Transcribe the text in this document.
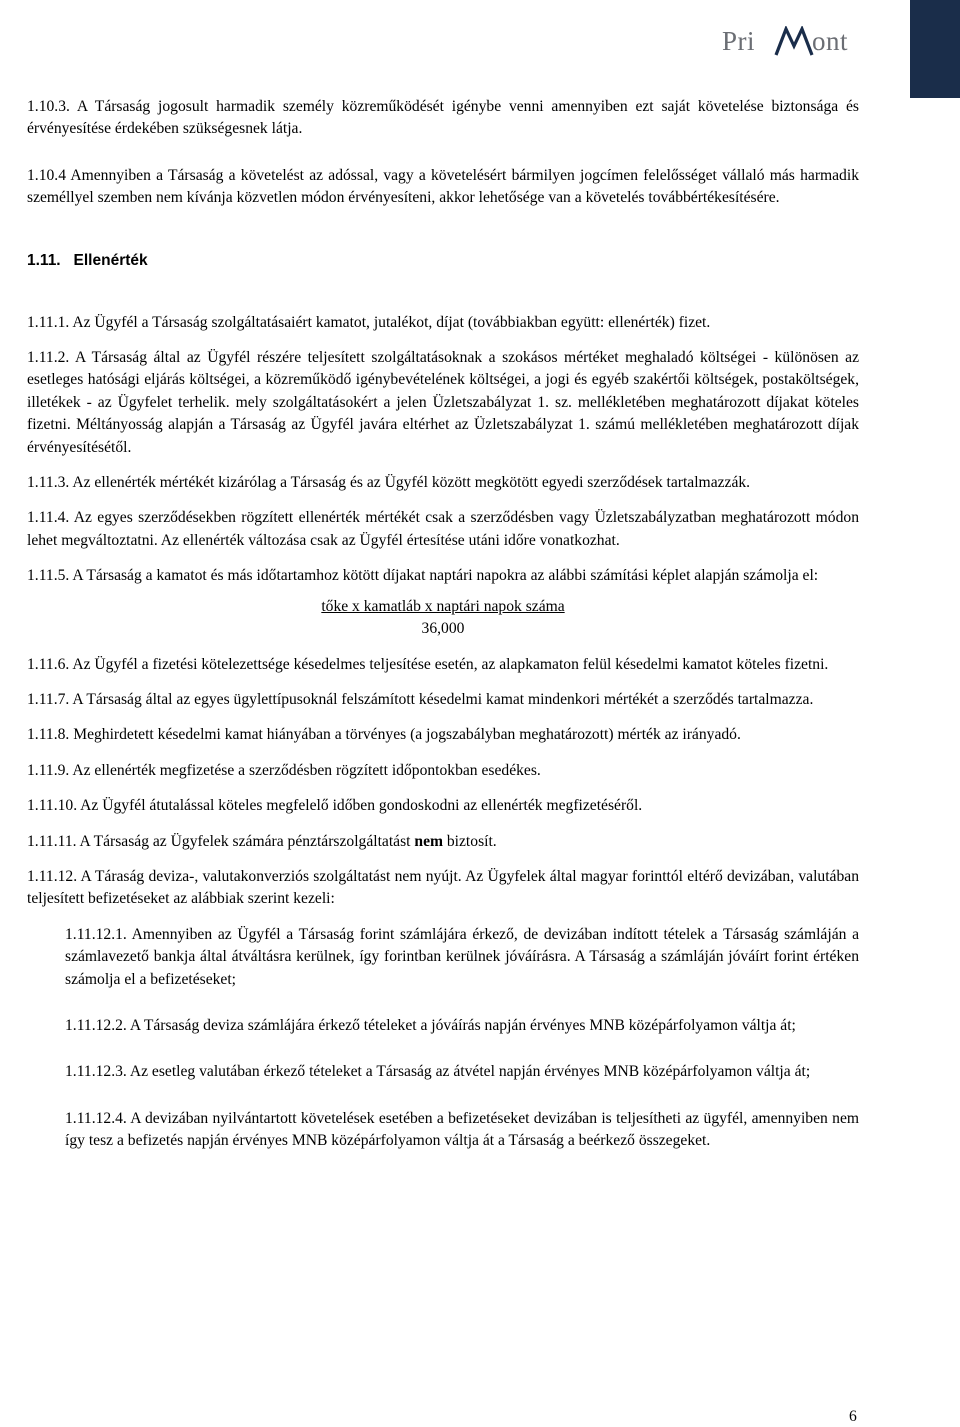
Pri ont

1.10.3. A Társaság jogosult harmadik személy közreműködését igénybe venni amennyiben ezt saját követelése biztonsága és érvényesítése érdekében szükségesnek látja.

1.10.4 Amennyiben a Társaság a követelést az adóssal, vagy a követelésért bármilyen jogcímen felelősséget vállaló más harmadik személlyel szemben nem kívánja közvetlen módon érvényesíteni, akkor lehetősége van a követelés továbbértékesítésére.

1.11.   Ellenérték

1.11.1. Az Ügyfél a Társaság szolgáltatásaiért kamatot, jutalékot, díjat (továbbiakban együtt: ellenérték) fizet.

1.11.2. A Társaság által az Ügyfél részére teljesített szolgáltatásoknak a szokásos mértéket meghaladó költségei - különösen az esetleges hatósági eljárás költségei, a közreműködő igénybevételének költségei, a jogi és egyéb szakértői költségek, postaköltségek, illetékek - az Ügyfelet terhelik. mely szolgáltatásokért a jelen Üzletszabályzat 1. sz. mellékletében meghatározott díjakat köteles fizetni. Méltányosság alapján a Társaság az Ügyfél javára eltérhet az Üzletszabályzat 1. számú mellékletében meghatározott díjak érvényesítésétől.

1.11.3. Az ellenérték mértékét kizárólag a Társaság és az Ügyfél között megkötött egyedi szerződések tartalmazzák.

1.11.4. Az egyes szerződésekben rögzített ellenérték mértékét csak a szerződésben vagy Üzletszabályzatban meghatározott módon lehet megváltoztatni. Az ellenérték változása csak az Ügyfél értesítése utáni időre vonatkozhat.

1.11.5. A Társaság a kamatot és más időtartamhoz kötött díjakat naptári napokra az alábbi számítási képlet alapján számolja el:

tőke x kamatláb x naptári napok száma
36,000

1.11.6. Az Ügyfél a fizetési kötelezettsége késedelmes teljesítése esetén, az alapkamaton felül késedelmi kamatot köteles fizetni.

1.11.7. A Társaság által az egyes ügylettípusoknál felszámított késedelmi kamat mindenkori mértékét a szerződés tartalmazza.

1.11.8. Meghirdetett késedelmi kamat hiányában a törvényes (a jogszabályban meghatározott) mérték az irányadó.

1.11.9. Az ellenérték megfizetése a szerződésben rögzített időpontokban esedékes.

1.11.10. Az Ügyfél átutalással köteles megfelelő időben gondoskodni az ellenérték megfizetéséről.

1.11.11. A Társaság az Ügyfelek számára pénztárszolgáltatást nem biztosít.

1.11.12. A Táraság deviza-, valutakonverziós szolgáltatást nem nyújt. Az Ügyfelek által magyar forinttól eltérő devizában, valutában teljesített befizetéseket az alábbiak szerint kezeli:

1.11.12.1. Amennyiben az Ügyfél a Társaság forint számlájára érkező, de devizában indított tételek a Társaság számláján a számlavezető bankja által átváltásra kerülnek, így forintban kerülnek jóváírásra. A Társaság a számláján jóváírt forint értéken számolja el a befizetéseket;

1.11.12.2. A Társaság deviza számlájára érkező tételeket a jóváírás napján érvényes MNB középárfolyamon váltja át;

1.11.12.3. Az esetleg valutában érkező tételeket a Társaság az átvétel napján érvényes MNB középárfolyamon váltja át;

1.11.12.4. A devizában nyilvántartott követelések esetében a befizetéseket devizában is teljesítheti az ügyfél, amennyiben nem így tesz a befizetés napján érvényes MNB középárfolyamon váltja át a Társaság a beérkező összegeket.

6
